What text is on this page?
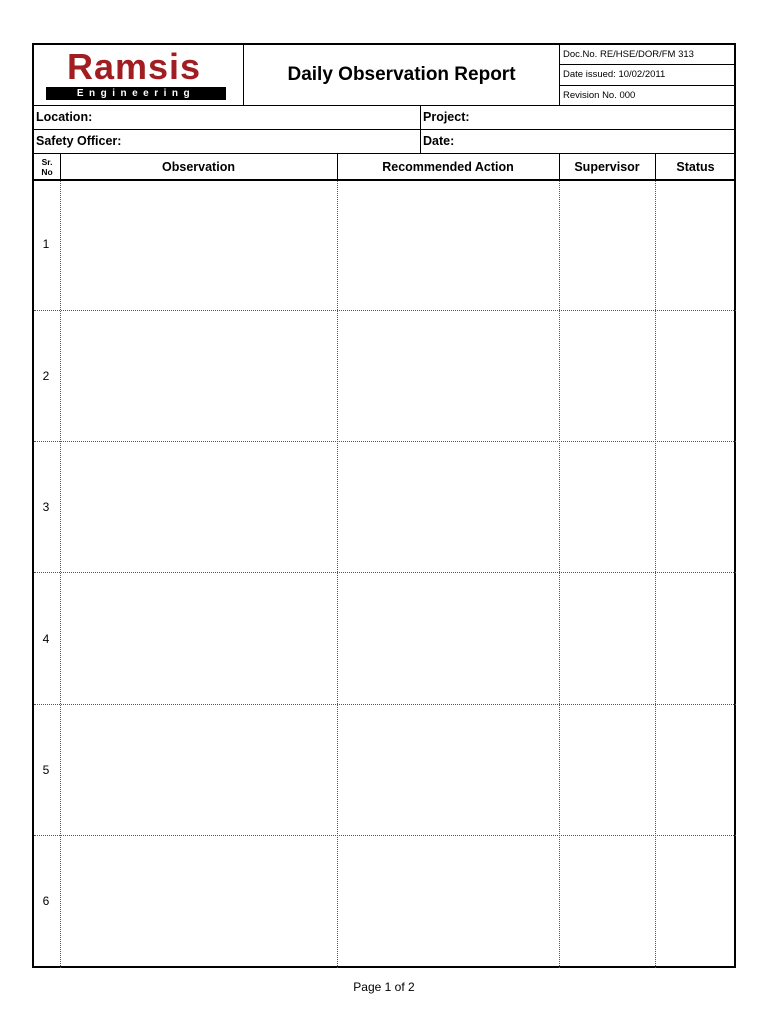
Ramsis
Engineering
Daily Observation Report
Doc.No. RE/HSE/DOR/FM 313
Date issued: 10/02/2011
Revision No. 000
Location:	Project:
Safety Officer:	Date:
Sr.
No	Observation	Recommended Action	Supervisor	Status
1
2
3
4
5
6
Page 1 of 2
